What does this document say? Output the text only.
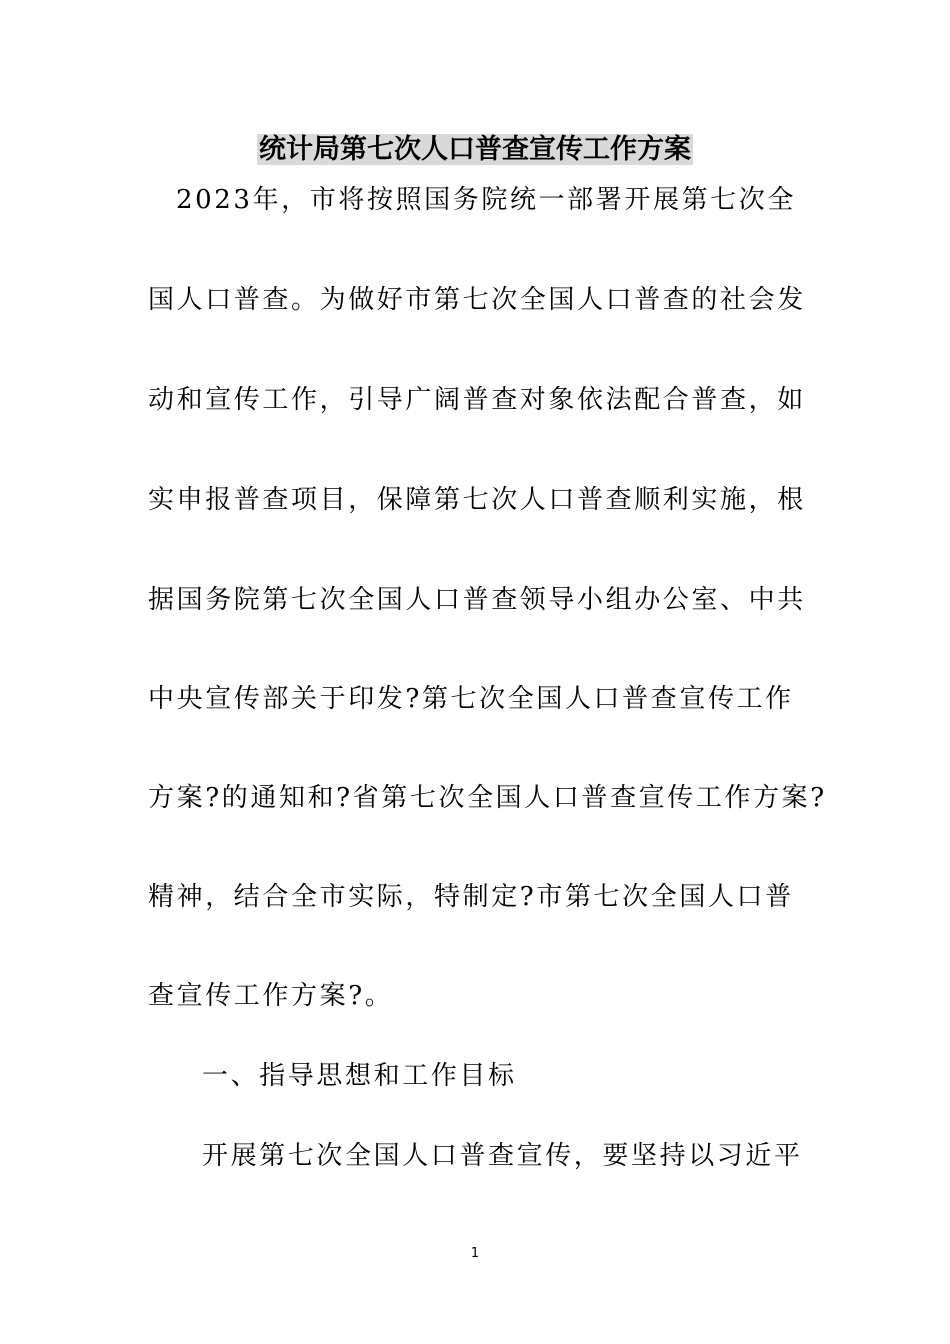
统计局第七次人口普查宣传工作方案
2023年，市将按照国务院统一部署开展第七次全
国人口普查。为做好市第七次全国人口普查的社会发
动和宣传工作，引导广阔普查对象依法配合普查，如
实申报普查项目，保障第七次人口普查顺利实施，根
据国务院第七次全国人口普查领导小组办公室、中共
中央宣传部关于印发?第七次全国人口普查宣传工作
方案?的通知和?省第七次全国人口普查宣传工作方案?
精神，结合全市实际，特制定?市第七次全国人口普
查宣传工作方案?。
一、指导思想和工作目标
开展第七次全国人口普查宣传，要坚持以习近平
1
